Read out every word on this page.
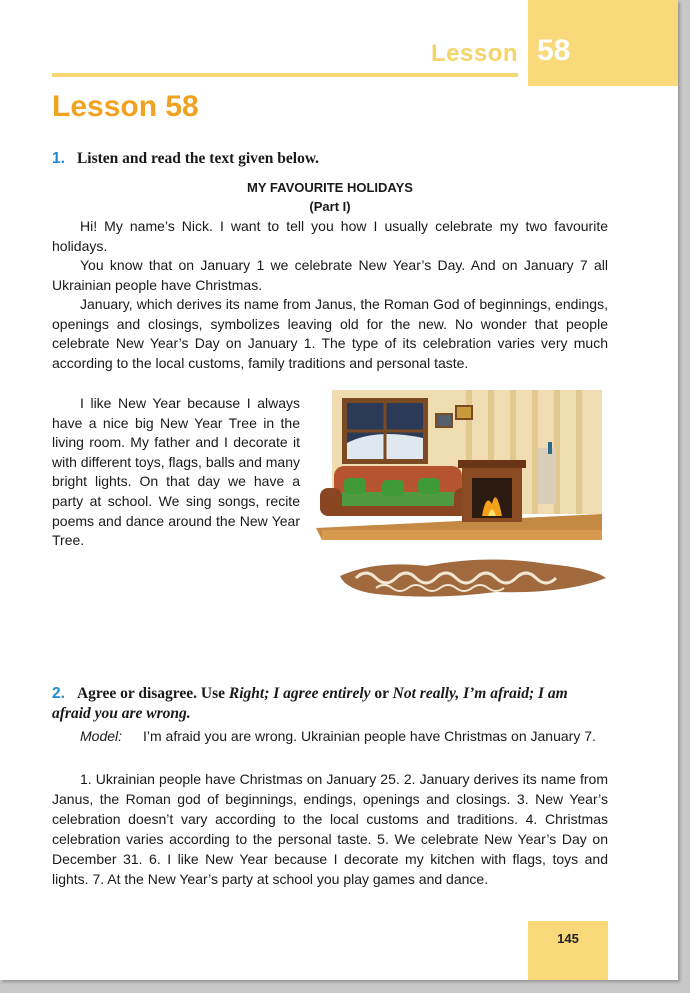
Lesson 58
Lesson 58
1. Listen and read the text given below.
MY FAVOURITE HOLIDAYS
(Part I)

Hi! My name’s Nick. I want to tell you how I usually celebrate my two favourite holidays.

You know that on January 1 we celebrate New Year’s Day. And on January 7 all Ukrainian people have Christmas.

January, which derives its name from Janus, the Roman God of beginnings, endings, openings and closings, symbolizes leaving old for the new. No wonder that people celebrate New Year’s Day on January 1. The type of its celebration varies very much according to the local customs, family traditions and personal taste.

I like New Year because I always have a nice big New Year Tree in the living room. My father and I decorate it with different toys, flags, balls and many bright lights. On that day we have a party at school. We sing songs, recite poems and dance around the New Year Tree.

2. Agree or disagree. Use Right; I agree entirely or Not really, I’m afraid; I am afraid you are wrong.
Model: I’m afraid you are wrong. Ukrainian people have Christmas on January 7.

1. Ukrainian people have Christmas on January 25. 2. January derives its name from Janus, the Roman god of beginnings, endings, openings and closings. 3. New Year’s celebration doesn’t vary according to the local customs and traditions. 4. Christmas celebration varies according to the personal taste. 5. We celebrate New Year’s Day on December 31. 6. I like New Year because I decorate my kitchen with flags, toys and lights. 7. At the New Year’s party at school you play games and dance.

145
